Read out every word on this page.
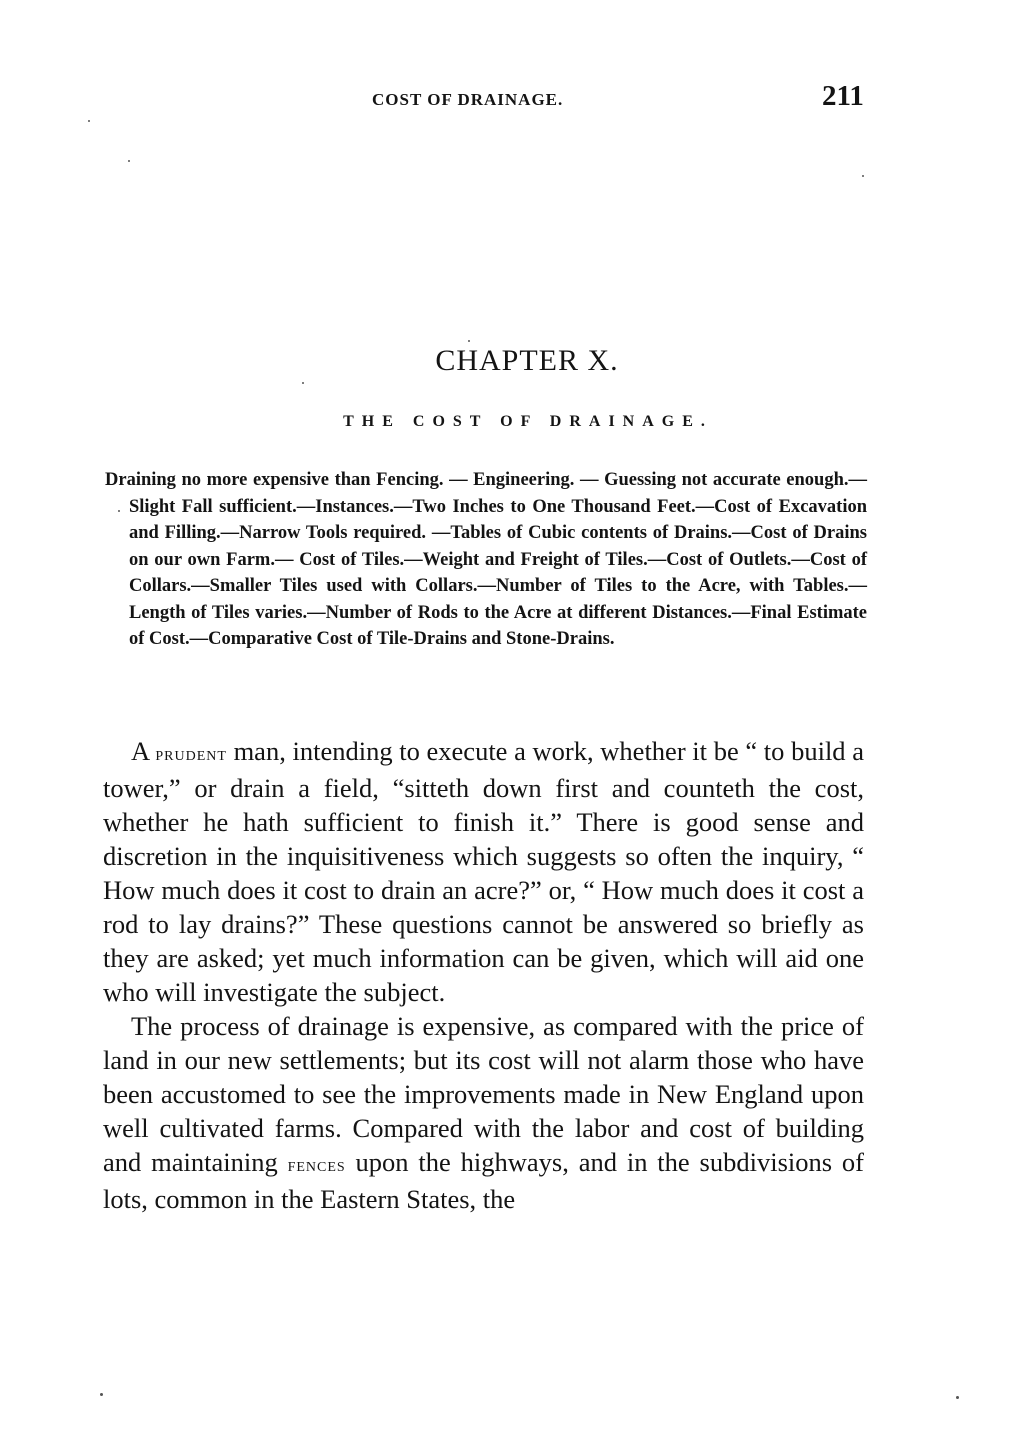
COST OF DRAINAGE.	211
CHAPTER X.
THE COST OF DRAINAGE.
Draining no more expensive than Fencing. — Engineering. — Guessing not accurate enough.—Slight Fall sufficient.—Instances.—Two Inches to One Thousand Feet.—Cost of Excavation and Filling.—Narrow Tools required. —Tables of Cubic contents of Drains.—Cost of Drains on our own Farm.— Cost of Tiles.—Weight and Freight of Tiles.—Cost of Outlets.—Cost of Collars.—Smaller Tiles used with Collars.—Number of Tiles to the Acre, with Tables.—Length of Tiles varies.—Number of Rods to the Acre at different Distances.—Final Estimate of Cost.—Comparative Cost of Tile-Drains and Stone-Drains.

A prudent man, intending to execute a work, whether it be “ to build a tower,” or drain a field, “sitteth down first and counteth the cost, whether he hath sufficient to finish it.” There is good sense and discretion in the inquisitiveness which suggests so often the inquiry, “ How much does it cost to drain an acre?” or, “ How much does it cost a rod to lay drains?” These questions cannot be answered so briefly as they are asked; yet much information can be given, which will aid one who will investigate the subject.

The process of drainage is expensive, as compared with the price of land in our new settlements; but its cost will not alarm those who have been accustomed to see the improvements made in New England upon well cultivated farms. Compared with the labor and cost of building and maintaining fences upon the highways, and in the subdivisions of lots, common in the Eastern States, the
